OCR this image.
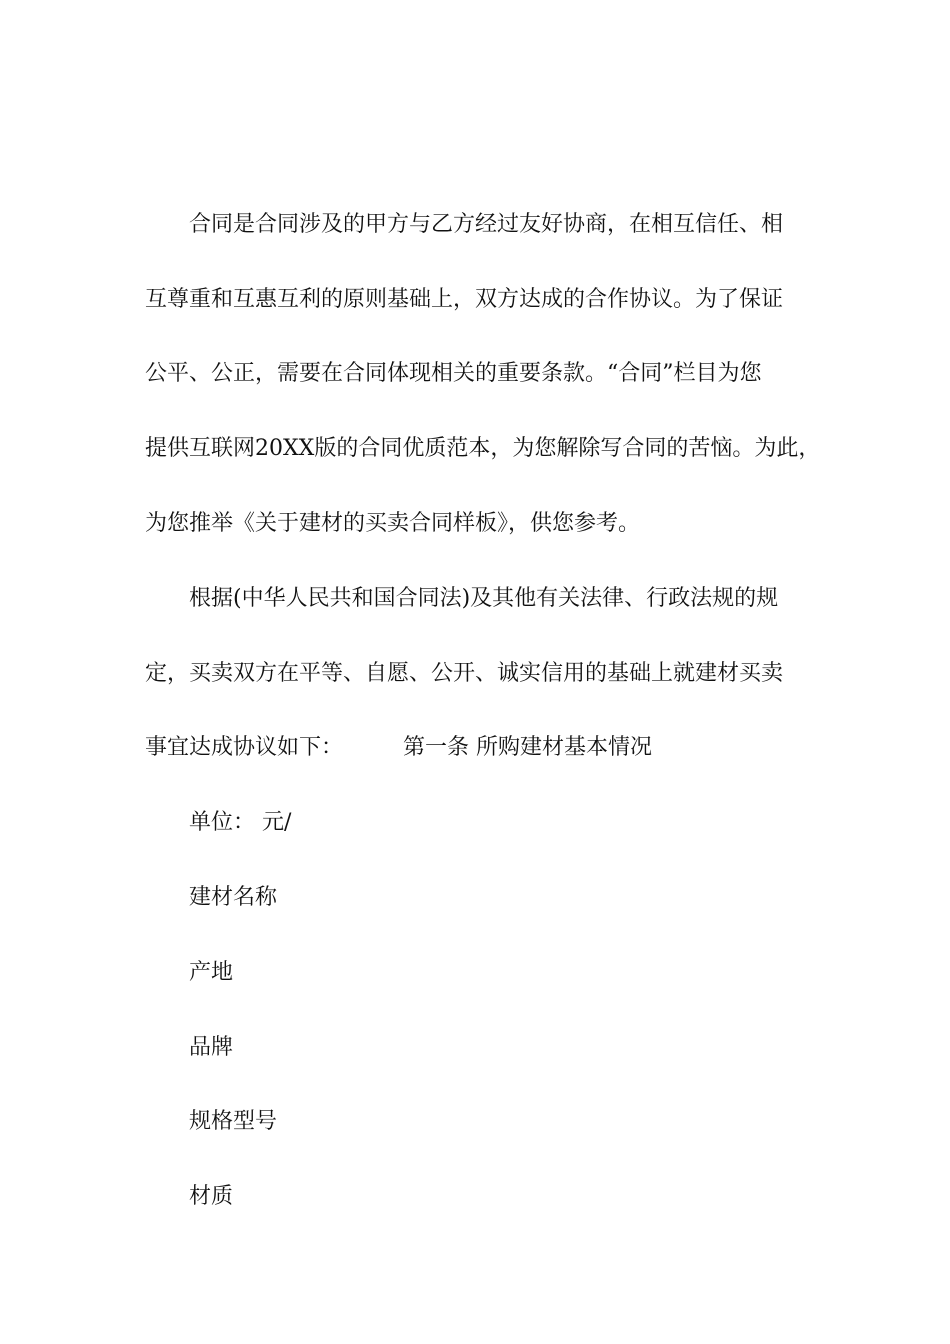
合同是合同涉及的甲方与乙方经过友好协商，在相互信任、相
互尊重和互惠互利的原则基础上，双方达成的合作协议。为了保证
公平、公正，需要在合同体现相关的重要条款。“合同”栏目为您
提供互联网20XX版的合同优质范本，为您解除写合同的苦恼。为此，
为您推举《关于建材的买卖合同样板》，供您参考。
根据(中华人民共和国合同法)及其他有关法律、行政法规的规
定，买卖双方在平等、自愿、公开、诚实信用的基础上就建材买卖
事宜达成协议如下：	第一条 所购建材基本情况
单位： 元/
建材名称
产地
品牌
规格型号
材质
